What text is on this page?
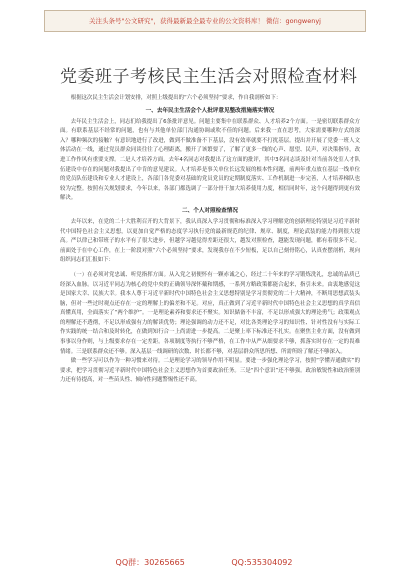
关注头条号"公文研究"，获得最新最全最专业的公文资料库！ 微信：gongwenyj
党委班子考核民主生活会对照检查材料

根据这次民主生活会计划安排，对照上级提出的“六个必须坚持”要求，作自我剖析如下：

一、去年民主生活会个人批评意见整改措施落实情况

去年民主生活会上，同志们给我提出了6条批评意见。问题主要集中在联系群众、人才培养2个方面。一是密切联系群众方面。有联系基层不经常的问题，也有与其他单位部门沟通协调或吹不佳的问题。后来我一直在思考，大家需要哪种方式的深入？哪种频次的接触？有意识地进行了改进，做到不做准备不下基层，没有效率就要不打扰基层。提出并开展了党委一班人文体活动在一线，通过党员群众同谈往往了心理距离，搬开了该繁要了，了解了更多一线的心声、愿望、民声，对决策指导，改进工作作风有重要支撑。二是人才培养方面。去年4名同志对我提出了这方面的批评，其中3名同志谈及针对当前各处室人才队伍建设中存在的问题对我提出了中肯的意见建议。人才培养是事关单位长远发展的根本性问题，前两年重点放在基层一线单位的党员队伍建设和专业人才建设上，各部门各党委对基础的党员党员的定期制度落实、工作机制进一步完善，人才培养梯队也较为完整。按照有关规划要求，今年以来，各部门都选调了一部分骨干加大培养使用力度，相信同时年，这个问题得到更有效解决。

二、个人对照检查情况

去年以来，在党的二十大胜利召开的大背景下，我认真深入学习贯彻和标准深入学习理解党的创新理论特别是习近平新时代中国特色社会主义思想，以更加自觉严格的态度学习执行党的最新规范的纪律、规章、制度，理论武装的能力得到很大提高。严以律己和带班子的水平有了很大进步，但越学习越觉得差距还很大，越发对照检查，越能发现问题，都有着很多不足。前面处于在中心工作，在上一阶段对照“六个必须坚持”要求，发现我存在不少短板，足以自己刻骨铭心，认真查摆剖析，现向组织同志们汇报如下：

（一）在必须对党忠诚、听党指挥方面。从入党之初便怀有一颗赤诚之心，经过二十年来的学习锻炼洗礼，忠诚的品质已经深入血脉。以习近平同志为核心的党中央的正确领导深怀戴和期感，一系列方略政策都能合起来，指引未来。由衷地感觉这是国家大幸、民族大幸。我本人尊于习近平新时代中国特色社会主义思想特别是学习贯彻党的二十大精神，不断用思想武装头脑，但对一些过时观点还存在一定的理解上的偏差和不足。对应，真正做到了习近平新时代中国特色社会主义思想的真学真信真懂真用，全面落实了“两个维护”。一是理论素养和要求还不聚实。知识储备不丰富，不足以形成强大的理论勇气；政策观点的理解还不透彻，不足以形成强有力的解读优势；理论强调的动力还不足，对比各类理论学习的知识性、针对性没有与实际工作实践的统一结合和及时转化，在做到知行合一上尚需进一步提高。二是聚上率下标准还不扎实。在聚焦主业方面，没有做到事事以身作则，与上级要求存在一定差距。各项制度等执行不够严格，在工作中从严从细要求不够，抓落实时存在一定的畏难情绪。三是联系群众还不够。深入基层一线调研的次数、时长都不够，对基层群众所思所想、所需所盼了解还不够深入。

做一些学习可以作为一种习惯来对待。二是理论学习的领导作用不明显。要进一步强化理论学习，按照“学懂弄通做实”的要求，把学习贯彻习近平新时代中国特色社会主义思想作为首要政治任务。三是“四个意识”还不够强。政治敏锐性和政治鉴别力还有待提高，对一些苗头性、倾向性问题警惕性还不高。

QQ群：30265665	QQ:535304092
